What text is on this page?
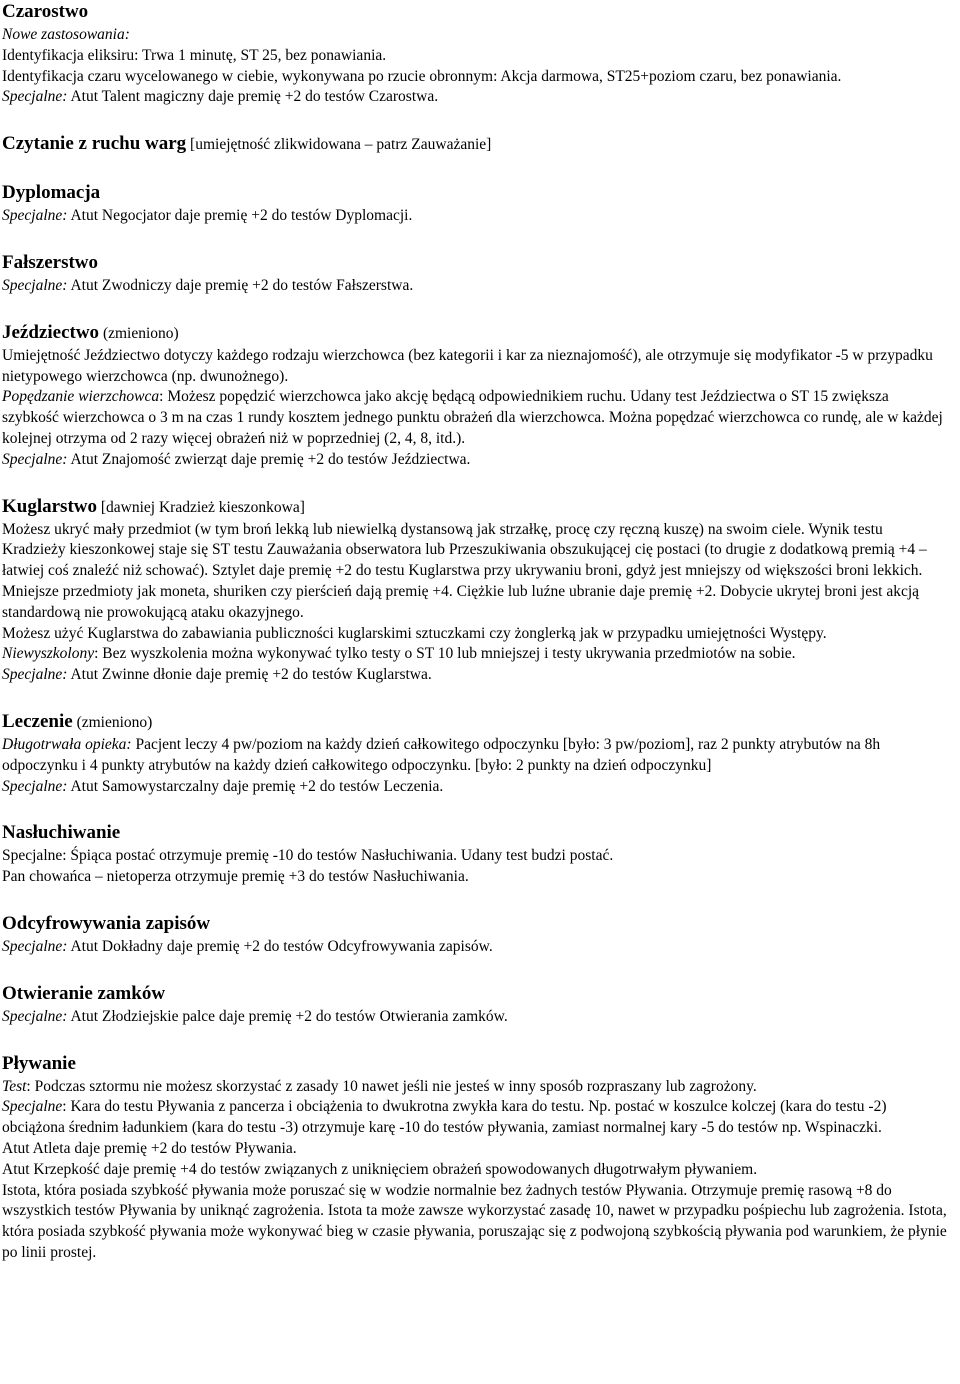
Czarostwo

Nowe zastosowania:

Identyfikacja eliksiru: Trwa 1 minutę, ST 25, bez ponawiania.

Identyfikacja czaru wycelowanego w ciebie, wykonywana po rzucie obronnym: Akcja darmowa, ST25+poziom czaru, bez ponawiania.

Specjalne: Atut Talent magiczny daje premię +2 do testów Czarostwa.

Czytanie z ruchu warg [umiejętność zlikwidowana – patrz Zauważanie]
Dyplomacja

Specjalne: Atut Negocjator daje premię +2 do testów Dyplomacji.

Fałszerstwo

Specjalne: Atut Zwodniczy daje premię +2 do testów Fałszerstwa.

Jeździectwo (zmieniono)

Umiejętność Jeździectwo dotyczy każdego rodzaju wierzchowca (bez kategorii i kar za nieznajomość), ale otrzymuje się modyfikator -5 w przypadku nietypowego wierzchowca (np. dwunożnego).

Popędzanie wierzchowca: Możesz popędzić wierzchowca jako akcję będącą odpowiednikiem ruchu. Udany test Jeździectwa o ST 15 zwiększa szybkość wierzchowca o 3 m na czas 1 rundy kosztem jednego punktu obrażeń dla wierzchowca. Można popędzać wierzchowca co rundę, ale w każdej kolejnej otrzyma od 2 razy więcej obrażeń niż w poprzedniej (2, 4, 8, itd.).

Specjalne: Atut Znajomość zwierząt daje premię +2 do testów Jeździectwa.

Kuglarstwo [dawniej Kradzież kieszonkowa]

Możesz ukryć mały przedmiot (w tym broń lekką lub niewielką dystansową jak strzałkę, procę czy ręczną kuszę) na swoim ciele. Wynik testu Kradzieży kieszonkowej staje się ST testu Zauważania obserwatora lub Przeszukiwania obszukującej cię postaci (to drugie z dodatkową premią +4 – łatwiej coś znaleźć niż schować). Sztylet daje premię +2 do testu Kuglarstwa przy ukrywaniu broni, gdyż jest mniejszy od większości broni lekkich. Mniejsze przedmioty jak moneta, shuriken czy pierścień dają premię +4. Ciężkie lub luźne ubranie daje premię +2. Dobycie ukrytej broni jest akcją standardową nie prowokującą ataku okazyjnego.

Możesz użyć Kuglarstwa do zabawiania publiczności kuglarskimi sztuczkami czy żonglerką jak w przypadku umiejętności Występy.

Niewyszkolony: Bez wyszkolenia można wykonywać tylko testy o ST 10 lub mniejszej i testy ukrywania przedmiotów na sobie.

Specjalne: Atut Zwinne dłonie daje premię +2 do testów Kuglarstwa.

Leczenie (zmieniono)

Długotrwała opieka: Pacjent leczy 4 pw/poziom na każdy dzień całkowitego odpoczynku [było: 3 pw/poziom], raz 2 punkty atrybutów na 8h odpoczynku i 4 punkty atrybutów na każdy dzień całkowitego odpoczynku. [było: 2 punkty na dzień odpoczynku]

Specjalne: Atut Samowystarczalny daje premię +2 do testów Leczenia.

Nasłuchiwanie

Specjalne: Śpiąca postać otrzymuje premię -10 do testów Nasłuchiwania. Udany test budzi postać.

Pan chowańca – nietoperza otrzymuje premię +3 do testów Nasłuchiwania.

Odcyfrowywania zapisów

Specjalne: Atut Dokładny daje premię +2 do testów Odcyfrowywania zapisów.

Otwieranie zamków

Specjalne: Atut Złodziejskie palce daje premię +2 do testów Otwierania zamków.

Pływanie

Test: Podczas sztormu nie możesz skorzystać z zasady 10 nawet jeśli nie jesteś w inny sposób rozpraszany lub zagrożony.

Specjalne: Kara do testu Pływania z pancerza i obciążenia to dwukrotna zwykła kara do testu. Np. postać w koszulce kolczej (kara do testu -2) obciążona średnim ładunkiem (kara do testu -3) otrzymuje karę -10 do testów pływania, zamiast normalnej kary -5 do testów np. Wspinaczki.

Atut Atleta daje premię +2 do testów Pływania.

Atut Krzepkość daje premię +4 do testów związanych z uniknięciem obrażeń spowodowanych długotrwałym pływaniem.

Istota, która posiada szybkość pływania może poruszać się w wodzie normalnie bez żadnych testów Pływania. Otrzymuje premię rasową +8 do wszystkich testów Pływania by uniknąć zagrożenia. Istota ta może zawsze wykorzystać zasadę 10, nawet w przypadku pośpiechu lub zagrożenia. Istota, która posiada szybkość pływania może wykonywać bieg w czasie pływania, poruszając się z podwojoną szybkością pływania pod warunkiem, że płynie po linii prostej.
